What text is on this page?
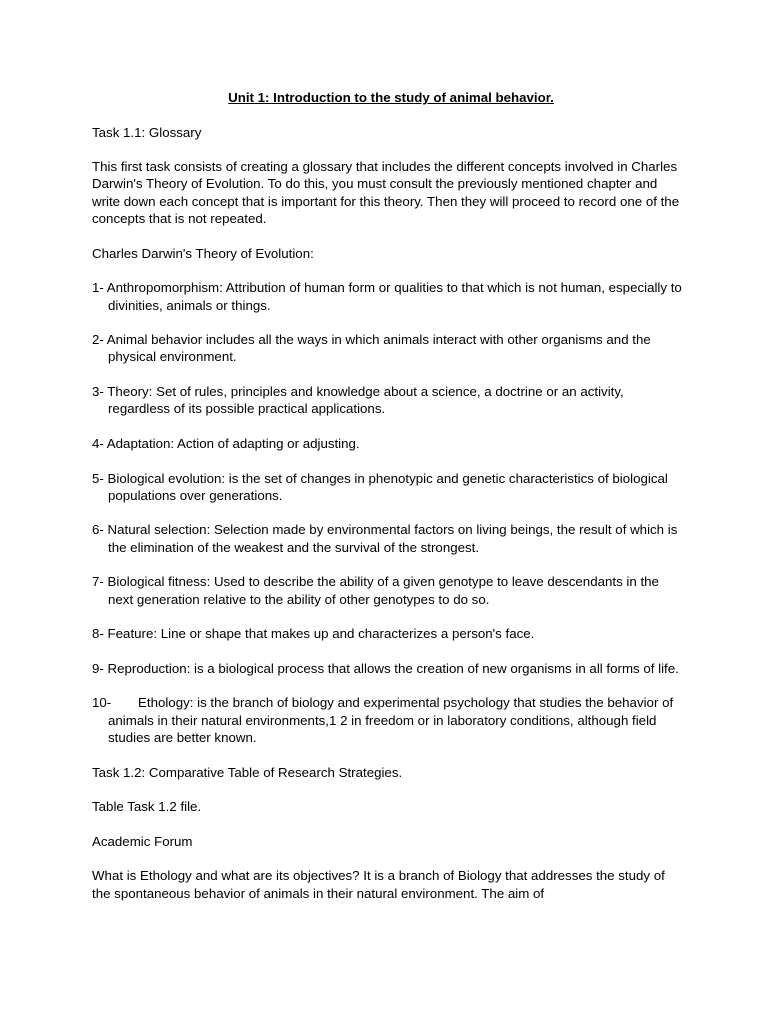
Unit 1: Introduction to the study of animal behavior.
Task 1.1: Glossary
This first task consists of creating a glossary that includes the different concepts involved in Charles Darwin's Theory of Evolution. To do this, you must consult the previously mentioned chapter and write down each concept that is important for this theory. Then they will proceed to record one of the concepts that is not repeated.
Charles Darwin's Theory of Evolution:
1- Anthropomorphism: Attribution of human form or qualities to that which is not human, especially to divinities, animals or things.
2- Animal behavior includes all the ways in which animals interact with other organisms and the physical environment.
3- Theory: Set of rules, principles and knowledge about a science, a doctrine or an activity, regardless of its possible practical applications.
4- Adaptation: Action of adapting or adjusting.
5- Biological evolution: is the set of changes in phenotypic and genetic characteristics of biological populations over generations.
6- Natural selection: Selection made by environmental factors on living beings, the result of which is the elimination of the weakest and the survival of the strongest.
7- Biological fitness: Used to describe the ability of a given genotype to leave descendants in the next generation relative to the ability of other genotypes to do so.
8- Feature: Line or shape that makes up and characterizes a person's face.
9- Reproduction: is a biological process that allows the creation of new organisms in all forms of life.
10- Ethology: is the branch of biology and experimental psychology that studies the behavior of animals in their natural environments,1 2 in freedom or in laboratory conditions, although field studies are better known.
Task 1.2: Comparative Table of Research Strategies.
Table Task 1.2 file.
Academic Forum
What is Ethology and what are its objectives? It is a branch of Biology that addresses the study of the spontaneous behavior of animals in their natural environment. The aim of
